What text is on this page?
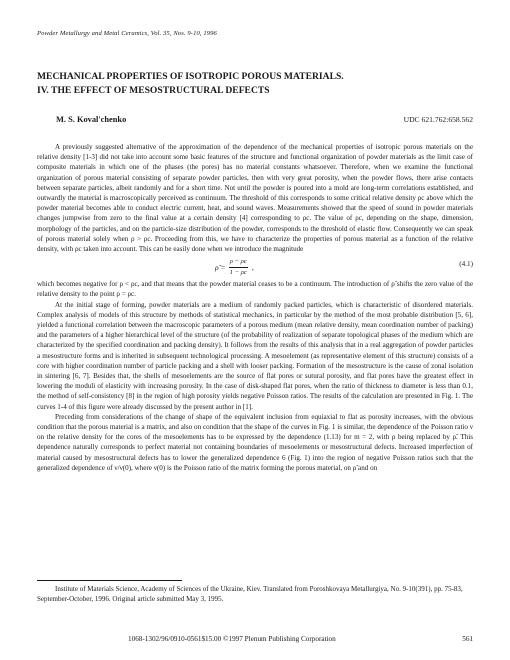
Powder Metallurgy and Metal Ceramics, Vol. 35, Nos. 9-10, 1996
MECHANICAL PROPERTIES OF ISOTROPIC POROUS MATERIALS.
IV. THE EFFECT OF MESOSTRUCTURAL DEFECTS
M. S. Koval'chenko	UDC 621.762:658.562

A previously suggested alternative of the approximation of the dependence of the mechanical properties of isotropic porous materials on the relative density [1-3] did not take into account some basic features of the structure and functional organization of powder materials as the limit case of composite materials in which one of the phases (the pores) has no material constants whatsoever. Therefore, when we examine the functional organization of porous material consisting of separate powder particles, then with very great porosity, when the powder flows, there arise contacts between separate particles, albeit randomly and for a short time. Not until the powder is poured into a mold are long-term correlations established, and outwardly the material is macroscopically perceived as continuum. The threshold of this corresponds to some critical relative density ρc above which the powder material becomes able to conduct electric current, heat, and sound waves. Measurements showed that the speed of sound in powder materials changes jumpwise from zero to the final value at a certain density [4] corresponding to ρc. The value of ρc, depending on the shape, dimension, morphology of the particles, and on the particle-size distribution of the powder, corresponds to the threshold of elastic flow. Consequently we can speak of porous material solely when ρ > ρc. Proceeding from this, we have to characterize the properties of porous material as a function of the relative density, with ρc taken into account. This can be easily done when we introduce the magnitude

ρ̃ = $\frac{\rho - \rho c}{1 - \rho c}$ ,	(4.1)

which becomes negative for ρ < ρc, and that means that the powder material ceases to be a continuum. The introduction of ρ̃ shifts the zero value of the relative density to the point ρ = ρc.

At the initial stage of forming, powder materials are a medium of randomly packed particles, which is characteristic of disordered materials. Complex analysis of models of this structure by methods of statistical mechanics, in particular by the method of the most probable distribution [5, 6], yielded a functional correlation between the macroscopic parameters of a porous medium (mean relative density, mean coordination number of packing) and the parameters of a higher hierarchical level of the structure (of the probability of realization of separate topological phases of the medium which are characterized by the specified coordination and packing density). It follows from the results of this analysis that in a real aggregation of powder particles a mesostructure forms and is inherited in subsequent technological processing. A mesoelement (as representative element of this structure) consists of a core with higher coordination number of particle packing and a shell with looser packing. Formation of the mesostructure is the cause of zonal isolation in sintering [6, 7]. Besides that, the shells of mesoelements are the source of flat pores or sutural porosity, and flat pores have the greatest effect in lowering the moduli of elasticity with increasing porosity. In the case of disk-shaped flat pores, when the ratio of thickness to diameter is less than 0.1, the method of self-consistency [8] in the region of high porosity yields negative Poisson ratios. The results of the calculation are presented in Fig. 1. The curves 1-4 of this figure were already discussed by the present author in [1].

Preceding from considerations of the change of shape of the equivalent inclusion from equiaxial to flat as porosity increases, with the obvious condition that the porous material is a matrix, and also on condition that the shape of the curves in Fig. 1 is similar, the dependence of the Poisson ratio ν on the relative density for the cores of the mesoelements has to be expressed by the dependence (1.13) for m = 2, with ρ being replaced by ρ̃. This dependence naturally corresponds to perfect material not containing boundaries of mesoelements or mesostructural defects. Increased imperfection of material caused by mesostructural defects has to lower the generalized dependence 6 (Fig. 1) into the region of negative Poisson ratios such that the generalized dependence of ν/ν(0), where ν(0) is the Poisson ratio of the matrix forming the porous material, on ρ̃ and on

Institute of Materials Science, Academy of Sciences of the Ukraine, Kiev. Translated from Poroshkovaya Metallurgiya, No. 9-10(391), pp. 75-83, September-October, 1996. Original article submitted May 3, 1995.

1068-1302/96/0910-0561$15.00 ©1997 Plenum Publishing Corporation	561
